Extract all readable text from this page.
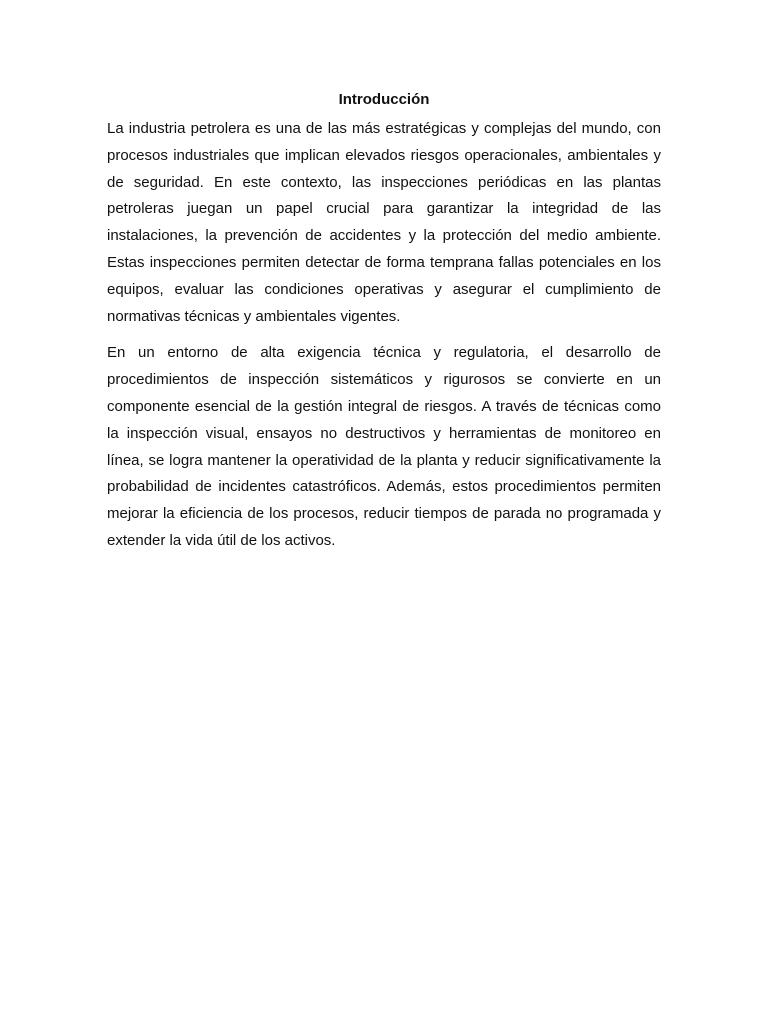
Introducción

La industria petrolera es una de las más estratégicas y complejas del mundo, con procesos industriales que implican elevados riesgos operacionales, ambientales y de seguridad. En este contexto, las inspecciones periódicas en las plantas petroleras juegan un papel crucial para garantizar la integridad de las instalaciones, la prevención de accidentes y la protección del medio ambiente. Estas inspecciones permiten detectar de forma temprana fallas potenciales en los equipos, evaluar las condiciones operativas y asegurar el cumplimiento de normativas técnicas y ambientales vigentes.

En un entorno de alta exigencia técnica y regulatoria, el desarrollo de procedimientos de inspección sistemáticos y rigurosos se convierte en un componente esencial de la gestión integral de riesgos. A través de técnicas como la inspección visual, ensayos no destructivos y herramientas de monitoreo en línea, se logra mantener la operatividad de la planta y reducir significativamente la probabilidad de incidentes catastróficos. Además, estos procedimientos permiten mejorar la eficiencia de los procesos, reducir tiempos de parada no programada y extender la vida útil de los activos.
